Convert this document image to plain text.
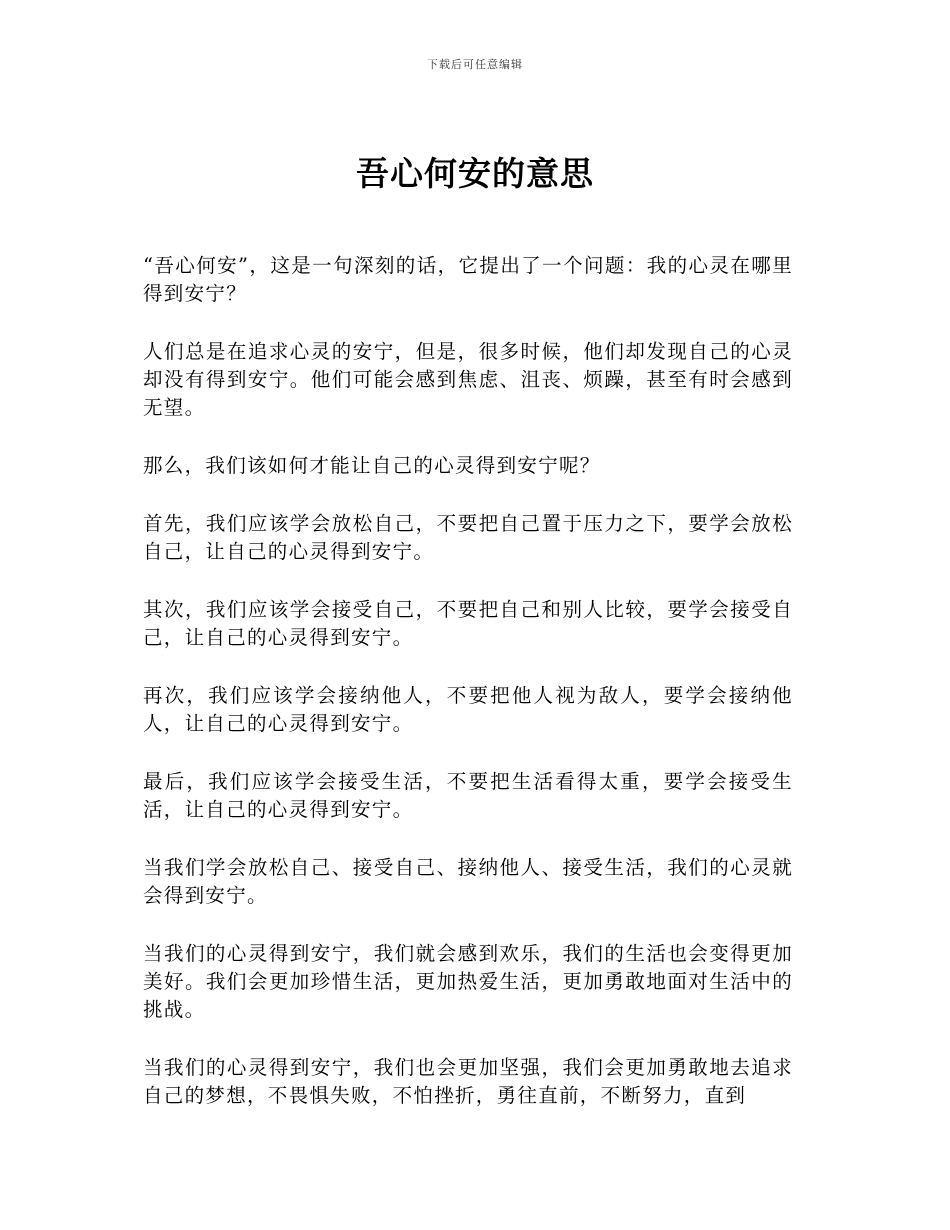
下载后可任意编辑
吾心何安的意思

“吾心何安”，这是一句深刻的话，它提出了一个问题：我的心灵在哪里得到安宁？

人们总是在追求心灵的安宁，但是，很多时候，他们却发现自己的心灵却没有得到安宁。他们可能会感到焦虑、沮丧、烦躁，甚至有时会感到无望。

那么，我们该如何才能让自己的心灵得到安宁呢？

首先，我们应该学会放松自己，不要把自己置于压力之下，要学会放松自己，让自己的心灵得到安宁。

其次，我们应该学会接受自己，不要把自己和别人比较，要学会接受自己，让自己的心灵得到安宁。

再次，我们应该学会接纳他人，不要把他人视为敌人，要学会接纳他人，让自己的心灵得到安宁。

最后，我们应该学会接受生活，不要把生活看得太重，要学会接受生活，让自己的心灵得到安宁。

当我们学会放松自己、接受自己、接纳他人、接受生活，我们的心灵就会得到安宁。

当我们的心灵得到安宁，我们就会感到欢乐，我们的生活也会变得更加美好。我们会更加珍惜生活，更加热爱生活，更加勇敢地面对生活中的挑战。

当我们的心灵得到安宁，我们也会更加坚强，我们会更加勇敢地去追求自己的梦想，不畏惧失败，不怕挫折，勇往直前，不断努力，直到
